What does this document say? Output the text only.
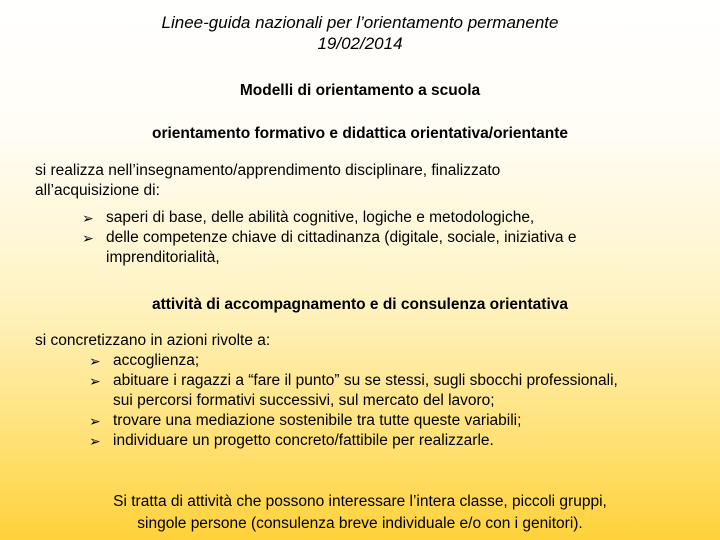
Linee-guida nazionali per l’orientamento permanente
19/02/2014
Modelli di orientamento a scuola
orientamento formativo e didattica orientativa/orientante
si realizza nell’insegnamento/apprendimento disciplinare, finalizzato
all’acquisizione di:
➢ saperi di base, delle abilità cognitive, logiche e metodologiche,
➢ delle competenze chiave di cittadinanza (digitale, sociale, iniziativa e imprenditorialità,
attività di accompagnamento e di consulenza orientativa
si concretizzano in azioni rivolte a:
➢ accoglienza;
➢ abituare i ragazzi a “fare il punto” su se stessi, sugli sbocchi professionali, sui percorsi formativi successivi, sul mercato del lavoro;
➢ trovare una mediazione sostenibile tra tutte queste variabili;
➢ individuare un progetto concreto/fattibile per realizzarle.
Si tratta di attività che possono interessare l’intera classe, piccoli gruppi,
singole persone (consulenza breve individuale e/o con i genitori).
